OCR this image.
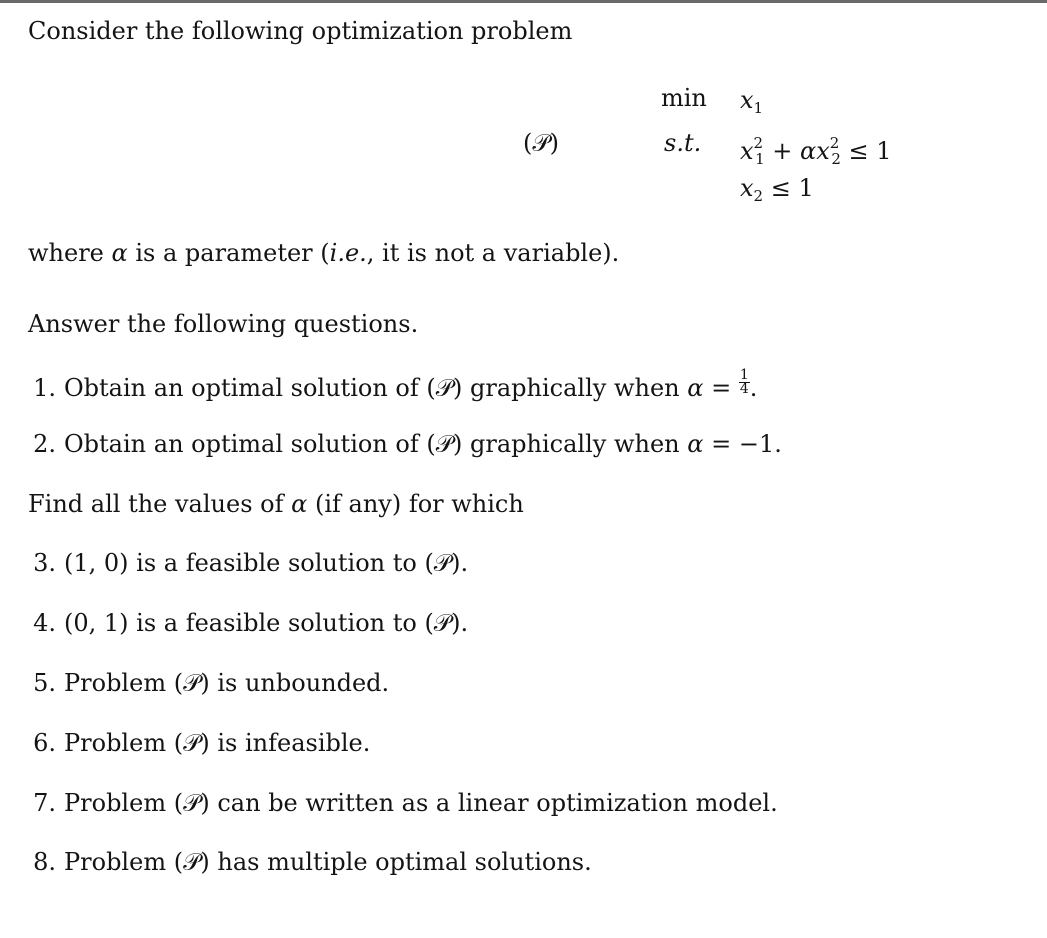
Consider the following optimization problem
(𝒫)
$\min x_1$
s.t. $x^2_1 + \alpha x^2_2 \le 1$
$x_2 \le 1$
where α is a parameter (i.e., it is not a variable).
Answer the following questions.
1. Obtain an optimal solution of (𝒫) graphically when $\alpha = \frac{1}{4}$ .
2. Obtain an optimal solution of (𝒫) graphically when α = −1.
Find all the values of α (if any) for which
3. (1, 0) is a feasible solution to (𝒫).
4. (0, 1) is a feasible solution to (𝒫).
5. Problem (𝒫) is unbounded.
6. Problem (𝒫) is infeasible.
7. Problem (𝒫) can be written as a linear optimization model.
8. Problem (𝒫) has multiple optimal solutions.
